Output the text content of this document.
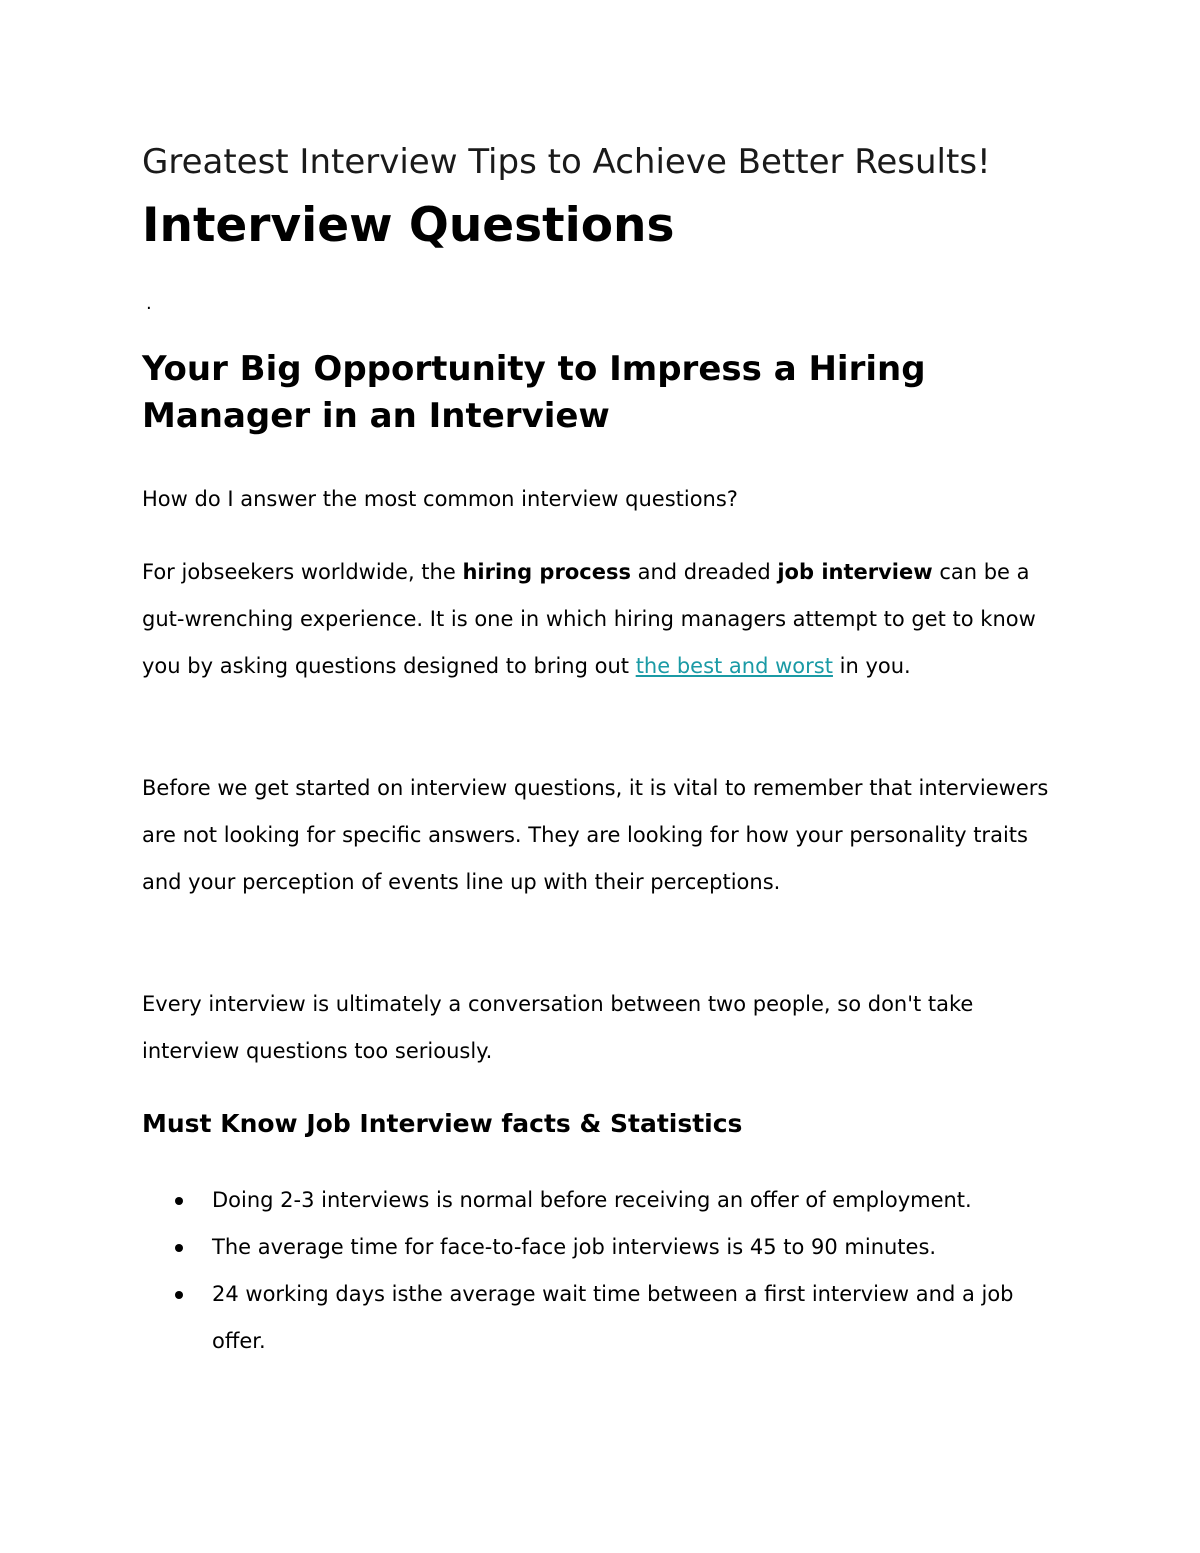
Greatest Interview Tips to Achieve Better Results!
Interview Questions
.
Your Big Opportunity to Impress a Hiring Manager in an Interview
How do I answer the most common interview questions?
For jobseekers worldwide, the hiring process and dreaded job interview can be a gut-wrenching experience. It is one in which hiring managers attempt to get to know you by asking questions designed to bring out the best and worst in you.
Before we get started on interview questions, it is vital to remember that interviewers are not looking for specific answers. They are looking for how your personality traits and your perception of events line up with their perceptions.
Every interview is ultimately a conversation between two people, so don't take interview questions too seriously.
Must Know Job Interview facts & Statistics
Doing 2-3 interviews is normal before receiving an offer of employment.
The average time for face-to-face job interviews is 45 to 90 minutes.
24 working days isthe average wait time between a first interview and a job offer.
